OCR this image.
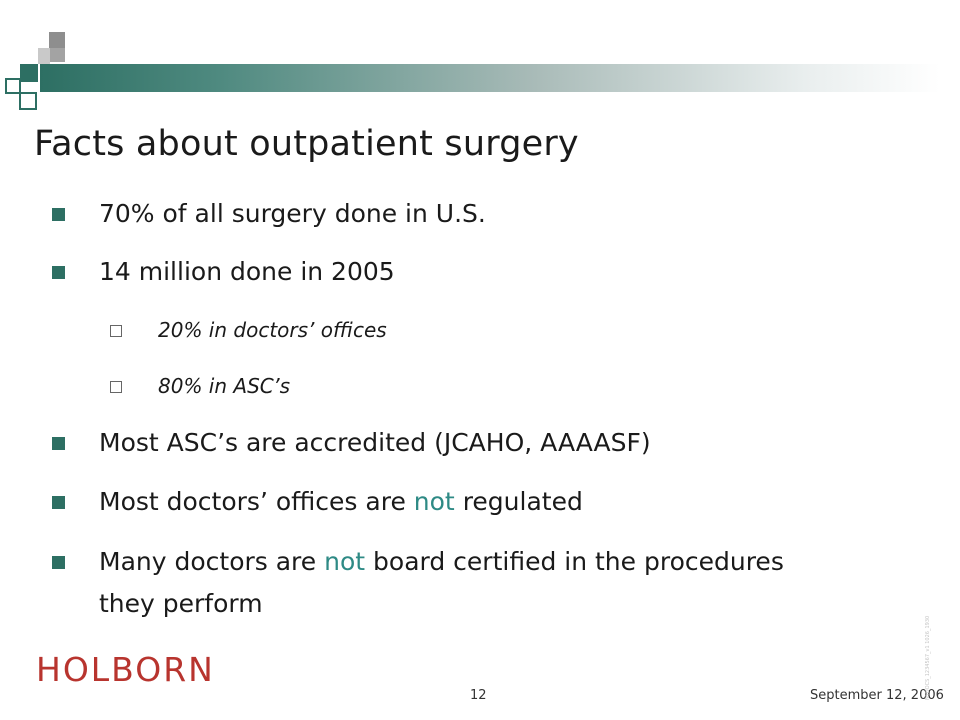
Facts about outpatient surgery
70% of all surgery done in U.S.
14 million done in 2005
20% in doctors’ offices
80% in ASC’s
Most ASC’s are accredited (JCAHO, AAAASF)
Most doctors’ offices are not regulated
Many doctors are not board certified in the procedures
they perform
HOLBORN
12	September 12, 2006
NYDOCS_1234567_v1 1026_1930
